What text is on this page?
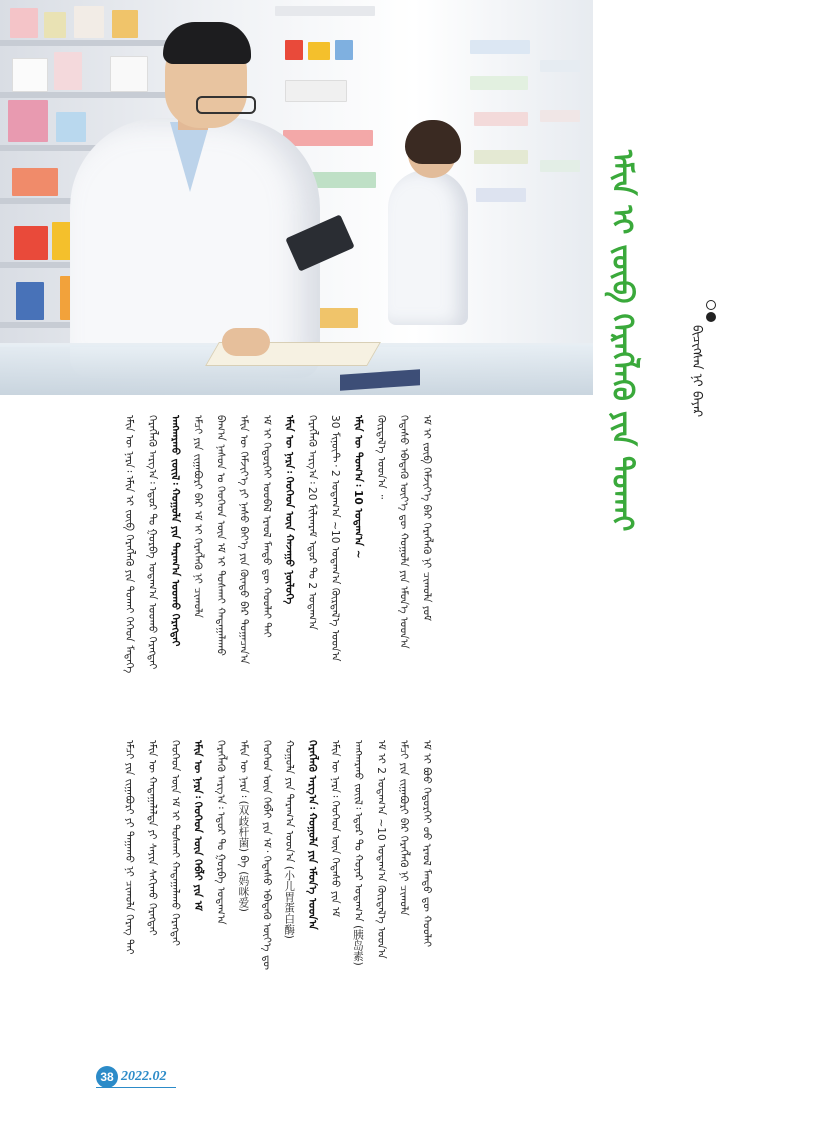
ᠡᠮᠢᠨ ᠢ ᠵᠥᠪ ᠬᠡᠷᠡᠭᠯᠡᠬᠦ ᠶᠢᠨ ᠲᠤᠬᠠᠢ	ᠪᠢᠴᠢᠭᠰᠡᠨ ᠨᠢ ᠪᠠᠶᠠᠷ
ᠡᠮᠢᠨ ᠦ ᠨᠡᠷᠡ᠄ ᠡᠮᠢᠨ ᠢ ᠵᠥᠪ ᠬᠡᠷᠡᠭᠯᠡᠬᠦ ᠶᠢᠨ ᠲᠤᠬᠠᠢ ᠬᠡᠭᠡᠳ ᠮᠡᠳᠡᠭᠡ ᠬᠡᠷᠡᠭᠯᠡᠬᠦ ᠠᠷᠭ᠎ᠠ᠄ ᠡᠳᠦᠷ ᠲᠤ ᠭᠤᠷᠪᠠ ᠤᠳᠠᠭ᠎ᠠ ᠤᠤᠬᠤ ᠬᠡᠷᠡᠭᠲᠡᠢ ᠠᠩᠬᠠᠷᠬᠤ ᠵᠦᠢᠯ᠄ ᠬᠤᠭᠤᠯᠠ ᠶᠢᠨ ᠳᠠᠷᠠᠭ᠎ᠠ ᠤᠤᠬᠤ ᠬᠡᠷᠡᠭᠲᠡᠢ ᠡᠮᠴᠢ ᠶᠢᠨ ᠵᠢᠭᠠᠪᠤᠷᠢ ᠪᠡᠷ ᠡᠮ ᠢ ᠬᠡᠷᠡᠭᠯᠡᠬᠦ ᠨᠢ ᠴᠢᠬᠤᠯᠠ ᠪᠠᠭ᠎ᠠ ᠨᠠᠰᠤᠨ ᠤ ᠬᠡᠦᠬᠡᠳ ᠦᠨ ᠡᠮ ᠢ ᠲᠤᠰᠬᠠᠢ ᠬᠠᠳᠠᠭᠠᠯᠠᠬᠤ ᠡᠮᠢᠨ ᠦ ᠬᠡᠮᠵᠢᠶ᠎ᠡ ᠶᠢ ᠨᠠᠰᠤ ᠪᠡᠶ᠎ᠡ ᠶᠢᠨ ᠬᠦᠨᠳᠦ ᠪᠡᠷ ᠲᠣᠭᠠᠴᠠᠨ᠎ᠠ ᠡᠮ ᠢ ᠬᠡᠲᠦᠷᠬᠡᠢ ᠤᠤᠪᠠᠯ ᠡᠷᠡᠦᠯ ᠮᠡᠨᠳᠦ ᠳᠦ ᠬᠣᠣᠯᠠᠢ ᠲᠠᠢ ᠡᠮᠢᠨ ᠦ ᠨᠡᠷᠡ᠄ ᠬᠡᠦᠬᠡᠳ ᠦᠨ ᠬᠠᠵᠠᠭᠤ ᠨᠥᠯᠦᠭᠡ ᠬᠡᠷᠡᠭᠯᠡᠬᠦ ᠠᠷᠭ᠎ᠠ᠄ 20 ᠮᠢᠯᠢᠭᠷᠠᠮ ᠡᠳᠦᠷ ᠲᠤ 2 ᠤᠳᠠᠭ᠎ᠠ 30 ᠮᠢᠨᠦ᠋ᠲ᠂ 2 ᠤᠳᠠᠭ᠎ᠠ ~10 ᠤᠳᠠᠭ᠎ᠠ ᠬᠦᠷᠲᠡᠯ᠎ᠡ ᠤᠤᠨ᠎ᠠ ᠡᠮᠢᠨ ᠦ ᠲᠣᠭ᠎ᠠ᠄ 10 ᠤᠳᠠᠭ᠎ᠠ ~ ᠬᠦᠷᠲᠡᠯ᠎ᠡ ᠤᠤᠨ᠎ᠠ ᠃ ᠭᠡᠳᠡᠰᠦ ᠡᠪᠡᠳᠡᠬᠦ ᠦᠶ᠎ᠡ ᠳᠦ ᠬᠣᠭᠤᠯᠠ ᠶᠢᠨ ᠡᠮᠦᠨ᠎ᠡ ᠤᠤᠨ᠎ᠠ ᠡᠮ ᠢ ᠵᠥᠪ ᠬᠡᠮᠵᠢᠶ᠎ᠡ ᠪᠡᠷ ᠬᠡᠷᠡᠭᠯᠡᠬᠦ ᠨᠢ ᠴᠢᠬᠤᠯᠠ ᠶᠤᠮ
ᠡᠮᠴᠢ ᠶᠢᠨ ᠵᠢᠭᠠᠪᠤᠷᠢ ᠶᠢ ᠳᠠᠭᠠᠬᠤ ᠨᠢ ᠴᠢᠬᠤᠯᠠ ᠬᠡᠷᠡᠭ ᠲᠡᠢ ᠡᠮᠢᠨ ᠦ ᠬᠠᠳᠠᠭᠠᠯᠠᠯᠲᠠ ᠶᠢ ᠰᠠᠶᠢᠨ ᠰᠠᠬᠢᠬᠤ ᠬᠡᠷᠡᠭᠲᠡᠢ ᠬᠡᠦᠬᠡᠳ ᠦᠨ ᠡᠮ ᠢ ᠲᠤᠰᠬᠠᠢ ᠬᠠᠳᠠᠭᠠᠯᠠᠬᠤ ᠬᠡᠷᠡᠭᠲᠡᠢ ᠡᠮᠢᠨ ᠦ ᠨᠡᠷᠡ᠄ ᠬᠡᠦᠬᠡᠳ ᠦᠨ ᠬᠡᠪᠯᠢ ᠶᠢᠨ ᠡᠮ ᠬᠡᠷᠡᠭᠯᠡᠬᠦ ᠠᠷᠭ᠎ᠠ᠄ ᠡᠳᠦᠷ ᠲᠤ ᠭᠤᠷᠪᠠ ᠤᠳᠠᠭ᠎ᠠ ᠡᠮᠢᠨ ᠦ ᠨᠡᠷᠡ᠄ (双歧杆菌) ᠪᠠ (妈咪爱) ᠬᠡᠦᠬᠡᠳ ᠦᠨ ᠬᠡᠪᠯᠢ ᠶᠢᠨ ᠡᠮ᠂ ᠭᠡᠳᠡᠰᠦ ᠡᠪᠡᠳᠡᠬᠦ ᠦᠶ᠎ᠡ ᠳᠦ ᠬᠣᠭᠤᠯᠠ ᠶᠢᠨ ᠳᠠᠷᠠᠭ᠎ᠠ ᠤᠤᠨ᠎ᠠ (小儿胃蛋白酶) ᠬᠡᠷᠡᠭᠯᠡᠬᠦ ᠠᠷᠭ᠎ᠠ᠄ ᠬᠣᠭᠤᠯᠠ ᠶᠢᠨ ᠡᠮᠦᠨ᠎ᠡ ᠤᠤᠨ᠎ᠠ ᠡᠮᠢᠨ ᠦ ᠨᠡᠷᠡ᠄ ᠬᠡᠦᠬᠡᠳ ᠦᠨ ᠭᠡᠳᠡᠰᠦ ᠶᠢᠨ ᠡᠮ ᠠᠩᠬᠠᠷᠬᠤ ᠵᠦᠢᠯ᠄ ᠡᠳᠦᠷ ᠲᠤ ᠬᠣᠶᠠᠷ ᠤᠳᠠᠭ᠎ᠠ (胰岛素) ᠡᠮ ᠢ 2 ᠤᠳᠠᠭ᠎ᠠ ~10 ᠤᠳᠠᠭ᠎ᠠ ᠬᠦᠷᠲᠡᠯ᠎ᠡ ᠤᠤᠨ᠎ᠠ ᠡᠮᠴᠢ ᠶᠢᠨ ᠵᠢᠭᠠᠪᠤᠷᠢ ᠪᠡᠷ ᠬᠡᠷᠡᠭᠯᠡᠬᠦ ᠨᠢ ᠴᠢᠬᠤᠯᠠ ᠡᠮ ᠢ ᠪᠦᠦ ᠬᠡᠲᠦᠷᠬᠡᠢ ᠤᠤ ᠡᠷᠡᠦᠯ ᠮᠡᠨᠳᠦ ᠳᠦ ᠬᠣᠣᠯᠠᠢ
38 2022.02
